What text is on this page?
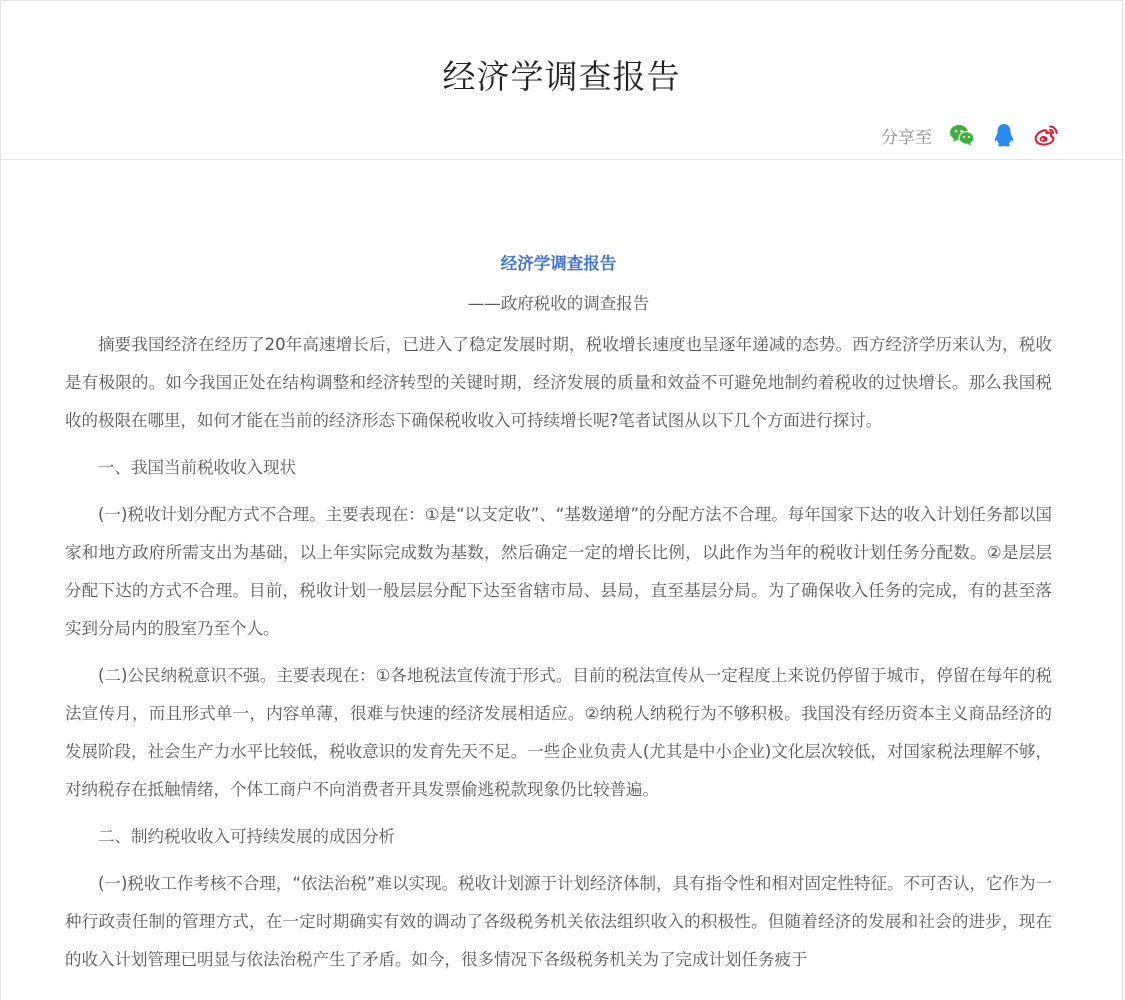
经济学调查报告
分享至

经济学调查报告

——政府税收的调查报告

摘要我国经济在经历了20年高速增长后，已进入了稳定发展时期，税收增长速度也呈逐年递减的态势。西方经济学历来认为，税收是有极限的。如今我国正处在结构调整和经济转型的关键时期，经济发展的质量和效益不可避免地制约着税收的过快增长。那么我国税收的极限在哪里，如何才能在当前的经济形态下确保税收收入可持续增长呢?笔者试图从以下几个方面进行探讨。

一、我国当前税收收入现状

(一)税收计划分配方式不合理。主要表现在：①是“以支定收”、“基数递增”的分配方法不合理。每年国家下达的收入计划任务都以国家和地方政府所需支出为基础，以上年实际完成数为基数，然后确定一定的增长比例，以此作为当年的税收计划任务分配数。②是层层分配下达的方式不合理。目前，税收计划一般层层分配下达至省辖市局、县局，直至基层分局。为了确保收入任务的完成，有的甚至落实到分局内的股室乃至个人。

(二)公民纳税意识不强。主要表现在：①各地税法宣传流于形式。目前的税法宣传从一定程度上来说仍停留于城市，停留在每年的税法宣传月，而且形式单一，内容单薄，很难与快速的经济发展相适应。②纳税人纳税行为不够积极。我国没有经历资本主义商品经济的发展阶段，社会生产力水平比较低，税收意识的发育先天不足。一些企业负责人(尤其是中小企业)文化层次较低，对国家税法理解不够，对纳税存在抵触情绪，个体工商户不向消费者开具发票偷逃税款现象仍比较普遍。

二、制约税收收入可持续发展的成因分析

(一)税收工作考核不合理，“依法治税”难以实现。税收计划源于计划经济体制，具有指令性和相对固定性特征。不可否认，它作为一种行政责任制的管理方式，在一定时期确实有效的调动了各级税务机关依法组织收入的积极性。但随着经济的发展和社会的进步，现在的收入计划管理已明显与依法治税产生了矛盾。如今，很多情况下各级税务机关为了完成计划任务疲于
